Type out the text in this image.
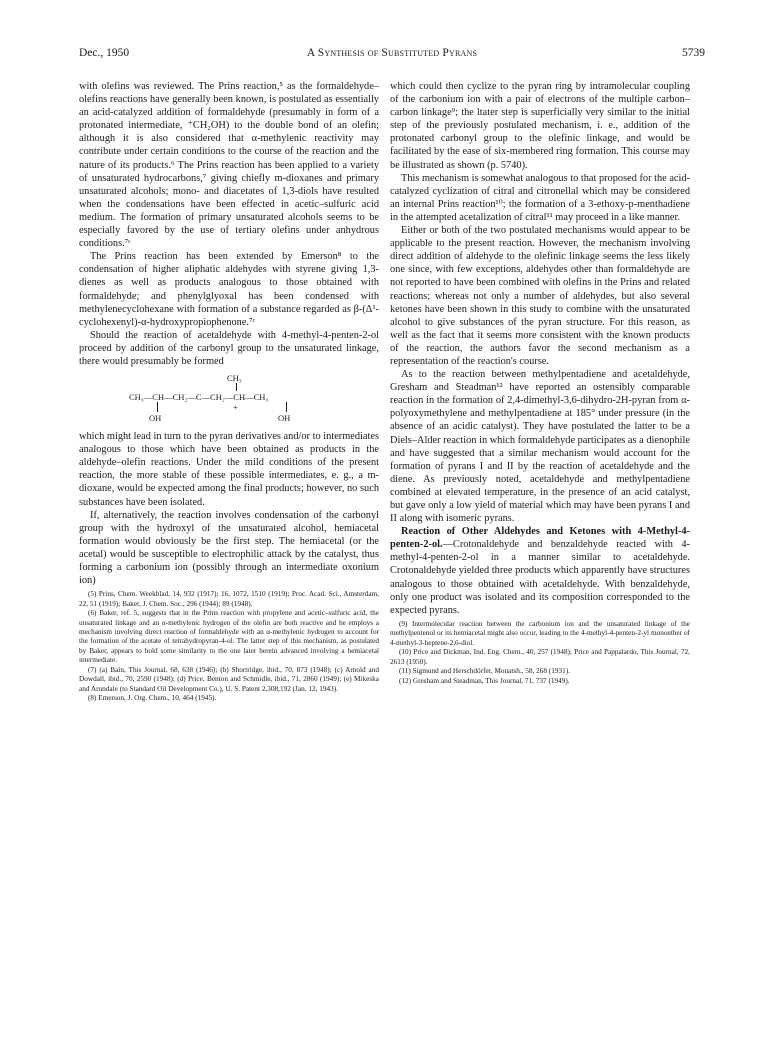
Dec., 1950	A Synthesis of Substituted Pyrans	5739

with olefins was reviewed. The Prins reaction,⁵ as the formaldehyde–olefins reactions have generally been known, is postulated as essentially an acid-catalyzed addition of formaldehyde (presumably in form of a protonated intermediate, ⁺CH₂OH) to the double bond of an olefin; although it is also considered that α-methylenic reactivity may contribute under certain conditions to the course of the reaction and the nature of its products.⁶ The Prins reaction has been applied to a variety of unsaturated hydrocarbons,⁷ giving chiefly m-dioxanes and primary unsaturated alcohols; mono- and diacetates of 1,3-diols have resulted when the condensations have been effected in acetic–sulfuric acid medium. The formation of primary unsaturated alcohols seems to be especially favored by the use of tertiary olefins under anhydrous conditions.⁷ᶜ

The Prins reaction has been extended by Emerson⁸ to the condensation of higher aliphatic aldehydes with styrene giving 1,3-dienes as well as products analogous to those obtained with formaldehyde; and phenylglyoxal has been condensed with methylenecyclohexane with formation of a substance regarded as β-(Δ¹-cyclohexenyl)-α-hydroxypropiophenone.⁷ᶜ

Should the reaction of acetaldehyde with 4-methyl-4-penten-2-ol proceed by addition of the carbonyl group to the unsaturated linkage, there would presumably be formed

CH₃
CH₃—CH—CH₂—C—CH₂—CH—CH₃
+
OH	OH

which might lead in turn to the pyran derivatives and/or to intermediates analogous to those which have been obtained as products in the aldehyde–olefin reactions. Under the mild conditions of the present reaction, the more stable of these possible intermediates, e. g., a m-dioxane, would be expected among the final products; however, no such substances have been isolated.

If, alternatively, the reaction involves condensation of the carbonyl group with the hydroxyl of the unsaturated alcohol, hemiacetal formation would obviously be the first step. The hemiacetal (or the acetal) would be susceptible to electrophilic attack by the catalyst, thus forming a carbonium ion (possibly through an intermediate oxonium ion)

(5) Prins, Chem. Weekblad, 14, 932 (1917); 16, 1072, 1510 (1919); Proc. Acad. Sci., Amsterdam, 22, 51 (1919); Baker, J. Chem. Soc., 296 (1944); 89 (1948).

(6) Baker, ref. 5, suggests that in the Prins reaction with propylene and acetic–sulfuric acid, the unsaturated linkage and an α-methylenic hydrogen of the olefin are both reactive and he employs a mechanism involving direct reaction of formaldehyde with an α-methylenic hydrogen to account for the formation of the acetate of tetrahydropyran-4-ol. The latter step of this mechanism, as postulated by Baker, appears to hold some similarity to the one later herein advanced involving a hemiacetal intermediate.

(7) (a) Bain, This Journal, 68, 638 (1946); (b) Shortridge, ibid., 70, 873 (1948); (c) Arnold and Dowdall, ibid., 70, 2590 (1948); (d) Price, Benton and Schmidle, ibid., 71, 2860 (1949); (e) Mikeska and Arundale (to Standard Oil Development Co.), U. S. Patent 2,308,192 (Jan. 12, 1943).

(8) Emerson, J. Org. Chem., 10, 464 (1945).

which could then cyclize to the pyran ring by intramolecular coupling of the carbonium ion with a pair of electrons of the multiple carbon–carbon linkage⁹; the ltater step is superficially very similar to the initial step of the previously postulated mechanism, i. e., addition of the protonated carbonyl group to the olefinic linkage, and would be facilitated by the ease of six-membered ring formation. This course may be illustrated as shown (p. 5740).

This mechanism is somewhat analogous to that proposed for the acid-catalyzed cyclization of citral and citronellal which may be considered an internal Prins reaction¹⁰; the formation of a 3-ethoxy-p-menthadiene in the attempted acetalization of citral¹¹ may proceed in a like manner.

Either or both of the two postulated mechanisms would appear to be applicable to the present reaction. However, the mechanism involving direct addition of aldehyde to the olefinic linkage seems the less likely one since, with few exceptions, aldehydes other than formaldehyde are not reported to have been combined with olefins in the Prins and related reactions; whereas not only a number of aldehydes, but also several ketones have been shown in this study to combine with the unsaturated alcohol to give substances of the pyran structure. For this reason, as well as the fact that it seems more consistent with the known products of the reaction, the authors favor the second mechanism as a representation of the reaction's course.

As to the reaction between methylpentadiene and acetaldehyde, Gresham and Steadman¹² have reported an ostensibly comparable reaction in the formation of 2,4-dimethyl-3,6-dihydro-2H-pyran from α-polyoxymethylene and methylpentadiene at 185° under pressure (in the absence of an acidic catalyst). They have postulated the latter to be a Diels–Alder reaction in which formaldehyde participates as a dienophile and have suggested that a similar mechanism would account for the formation of pyrans I and II by the reaction of acetaldehyde and the diene. As previously noted, acetaldehyde and methylpentadiene combined at elevated temperature, in the presence of an acid catalyst, but gave only a low yield of material which may have been pyrans I and II along with isomeric pyrans.

Reaction of Other Aldehydes and Ketones with 4-Methyl-4-penten-2-ol.—Crotonaldehyde and benzaldehyde reacted with 4-methyl-4-penten-2-ol in a manner similar to acetaldehyde. Crotonaldehyde yielded three products which apparently have structures analogous to those obtained with acetaldehyde. With benzaldehyde, only one product was isolated and its composition corresponded to the expected pyrans.

(9) Intermolecular reaction between the carbonium ion and the unsaturated linkage of the methylpentenol or its hemiacetal might also occur, leading to the 4-methyl-4-penten-2-yl monoether of 4-methyl-3-heptene-2,6-diol.

(10) Price and Dickman, Ind. Eng. Chem., 40, 257 (1948); Price and Pappalardo, This Journal, 72, 2613 (1950).

(11) Sigmund and Herschdörfer, Monatsh., 58, 268 (1931).

(12) Gresham and Steadman, This Journal, 71, 737 (1949).
